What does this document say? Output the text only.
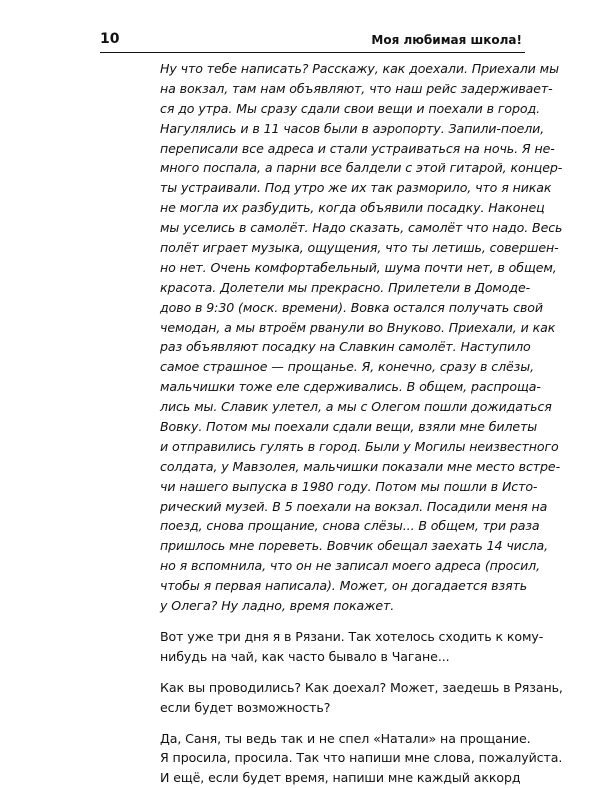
10	Моя любимая школа!
Ну что тебе написать? Расскажу, как доехали. Приехали мы
на вокзал, там нам объявляют, что наш рейс задерживает-
ся до утра. Мы сразу сдали свои вещи и поехали в город.
Нагулялись и в 11 часов были в аэропорту. Запили-поели,
переписали все адреса и стали устраиваться на ночь. Я не-
много поспала, а парни все балдели с этой гитарой, концер-
ты устраивали. Под утро же их так разморило, что я никак
не могла их разбудить, когда объявили посадку. Наконец
мы уселись в самолёт. Надо сказать, самолёт что надо. Весь
полёт играет музыка, ощущения, что ты летишь, совершен-
но нет. Очень комфортабельный, шума почти нет, в общем,
красота. Долетели мы прекрасно. Прилетели в Домоде-
дово в 9:30 (моск. времени). Вовка остался получать свой
чемодан, а мы втроём рванули во Внуково. Приехали, и как
раз объявляют посадку на Славкин самолёт. Наступило
самое страшное — прощанье. Я, конечно, сразу в слёзы,
мальчишки тоже еле сдерживались. В общем, распроща-
лись мы. Славик улетел, а мы с Олегом пошли дожидаться
Вовку. Потом мы поехали сдали вещи, взяли мне билеты
и отправились гулять в город. Были у Могилы неизвестного
солдата, у Мавзолея, мальчишки показали мне место встре-
чи нашего выпуска в 1980 году. Потом мы пошли в Исто-
рический музей. В 5 поехали на вокзал. Посадили меня на
поезд, снова прощание, снова слёзы... В общем, три раза
пришлось мне пореветь. Вовчик обещал заехать 14 числа,
но я вспомнила, что он не записал моего адреса (просил,
чтобы я первая написала). Может, он догадается взять
у Олега? Ну ладно, время покажет.
Вот уже три дня я в Рязани. Так хотелось сходить к кому-
нибудь на чай, как часто бывало в Чагане...
Как вы проводились? Как доехал? Может, заедешь в Рязань,
если будет возможность?
Да, Саня, ты ведь так и не спел «Натали» на прощание.
Я просила, просила. Так что напиши мне слова, пожалуйста.
И ещё, если будет время, напиши мне каждый аккорд
